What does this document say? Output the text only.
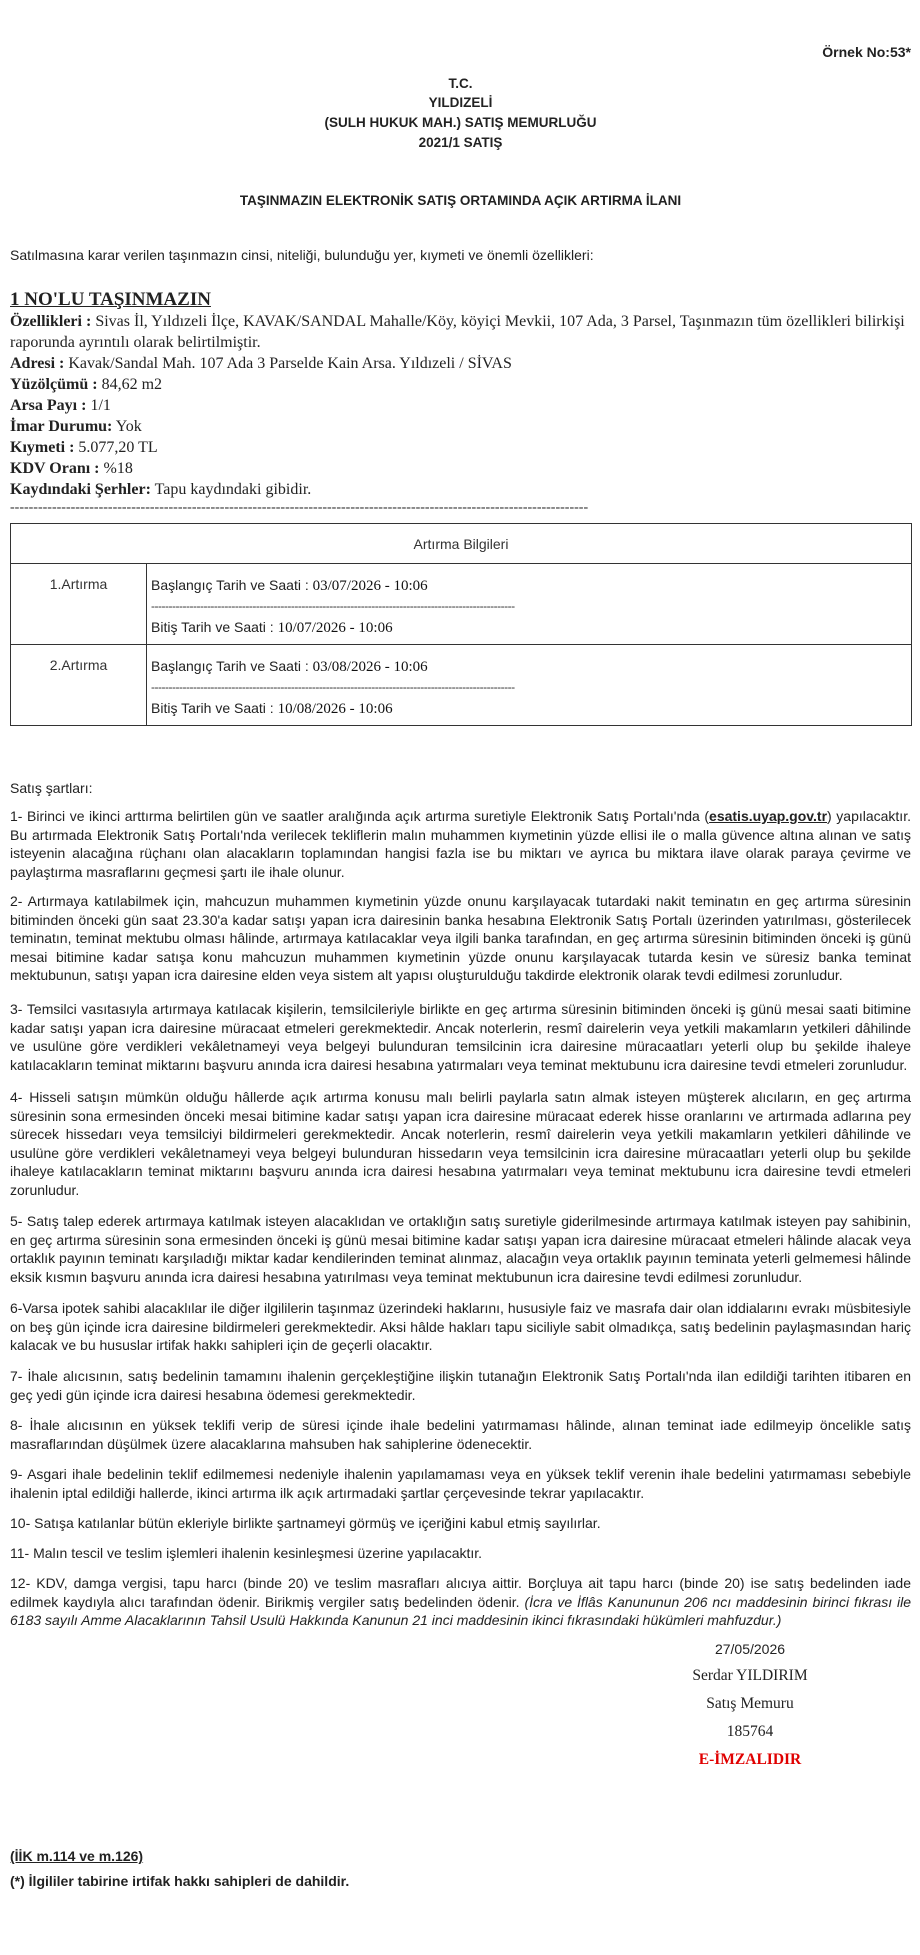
Örnek No:53*
T.C.
YILDIZELİ
(SULH HUKUK MAH.) SATIŞ MEMURLUĞU
2021/1 SATIŞ
TAŞINMAZIN ELEKTRONİK SATIŞ ORTAMINDA AÇIK ARTIRMA İLANI
Satılmasına karar verilen taşınmazın cinsi, niteliği, bulunduğu yer, kıymeti ve önemli özellikleri:
1 NO'LU TAŞINMAZIN
Özellikleri : Sivas İl, Yıldızeli İlçe, KAVAK/SANDAL Mahalle/Köy, köyiçi Mevkii, 107 Ada, 3 Parsel, Taşınmazın tüm özellikleri bilirkişi raporunda ayrıntılı olarak belirtilmiştir.
Adresi : Kavak/Sandal Mah. 107 Ada 3 Parselde Kain Arsa. Yıldızeli / SİVAS
Yüzölçümü : 84,62 m2
Arsa Payı : 1/1
İmar Durumu: Yok
Kıymeti : 5.077,20 TL
KDV Oranı : %18
Kaydındaki Şerhler: Tapu kaydındaki gibidir.
----------------------------------------------------------------------------------------------------------------------------
Artırma Bilgileri	
1.Artırma	Başlangıç Tarih ve Saati : 03/07/2026 - 10:06
--------------------------------------------------------------------------------------------------------
Bitiş Tarih ve Saati : 10/07/2026 - 10:06

2.Artırma	Başlangıç Tarih ve Saati : 03/08/2026 - 10:06
--------------------------------------------------------------------------------------------------------
Bitiş Tarih ve Saati : 10/08/2026 - 10:06
Satış şartları:
1- Birinci ve ikinci arttırma belirtilen gün ve saatler aralığında açık artırma suretiyle Elektronik Satış Portalı'nda (esatis.uyap.gov.tr) yapılacaktır. Bu artırmada Elektronik Satış Portalı'nda verilecek tekliflerin malın muhammen kıymetinin yüzde ellisi ile o malla güvence altına alınan ve satış isteyenin alacağına rüçhanı olan alacakların toplamından hangisi fazla ise bu miktarı ve ayrıca bu miktara ilave olarak paraya çevirme ve paylaştırma masraflarını geçmesi şartı ile ihale olunur.
2- Artırmaya katılabilmek için, mahcuzun muhammen kıymetinin yüzde onunu karşılayacak tutardaki nakit teminatın en geç artırma süresinin bitiminden önceki gün saat 23.30'a kadar satışı yapan icra dairesinin banka hesabına Elektronik Satış Portalı üzerinden yatırılması, gösterilecek teminatın, teminat mektubu olması hâlinde, artırmaya katılacaklar veya ilgili banka tarafından, en geç artırma süresinin bitiminden önceki iş günü mesai bitimine kadar satışa konu mahcuzun muhammen kıymetinin yüzde onunu karşılayacak tutarda kesin ve süresiz banka teminat mektubunun, satışı yapan icra dairesine elden veya sistem alt yapısı oluşturulduğu takdirde elektronik olarak tevdi edilmesi zorunludur.
3- Temsilci vasıtasıyla artırmaya katılacak kişilerin, temsilcileriyle birlikte en geç artırma süresinin bitiminden önceki iş günü mesai saati bitimine kadar satışı yapan icra dairesine müracaat etmeleri gerekmektedir. Ancak noterlerin, resmî dairelerin veya yetkili makamların yetkileri dâhilinde ve usulüne göre verdikleri vekâletnameyi veya belgeyi bulunduran temsilcinin icra dairesine müracaatları yeterli olup bu şekilde ihaleye katılacakların teminat miktarını başvuru anında icra dairesi hesabına yatırmaları veya teminat mektubunu icra dairesine tevdi etmeleri zorunludur.
4- Hisseli satışın mümkün olduğu hâllerde açık artırma konusu malı belirli paylarla satın almak isteyen müşterek alıcıların, en geç artırma süresinin sona ermesinden önceki mesai bitimine kadar satışı yapan icra dairesine müracaat ederek hisse oranlarını ve artırmada adlarına pey sürecek hissedarı veya temsilciyi bildirmeleri gerekmektedir. Ancak noterlerin, resmî dairelerin veya yetkili makamların yetkileri dâhilinde ve usulüne göre verdikleri vekâletnameyi veya belgeyi bulunduran hissedarın veya temsilcinin icra dairesine müracaatları yeterli olup bu şekilde ihaleye katılacakların teminat miktarını başvuru anında icra dairesi hesabına yatırmaları veya teminat mektubunu icra dairesine tevdi etmeleri zorunludur.
5- Satış talep ederek artırmaya katılmak isteyen alacaklıdan ve ortaklığın satış suretiyle giderilmesinde artırmaya katılmak isteyen pay sahibinin, en geç artırma süresinin sona ermesinden önceki iş günü mesai bitimine kadar satışı yapan icra dairesine müracaat etmeleri hâlinde alacak veya ortaklık payının teminatı karşıladığı miktar kadar kendilerinden teminat alınmaz, alacağın veya ortaklık payının teminata yeterli gelmemesi hâlinde eksik kısmın başvuru anında icra dairesi hesabına yatırılması veya teminat mektubunun icra dairesine tevdi edilmesi zorunludur.
6-Varsa ipotek sahibi alacaklılar ile diğer ilgililerin taşınmaz üzerindeki haklarını, hususiyle faiz ve masrafa dair olan iddialarını evrakı müsbitesiyle on beş gün içinde icra dairesine bildirmeleri gerekmektedir. Aksi hâlde hakları tapu siciliyle sabit olmadıkça, satış bedelinin paylaşmasından hariç kalacak ve bu hususlar irtifak hakkı sahipleri için de geçerli olacaktır.
7- İhale alıcısının, satış bedelinin tamamını ihalenin gerçekleştiğine ilişkin tutanağın Elektronik Satış Portalı'nda ilan edildiği tarihten itibaren en geç yedi gün içinde icra dairesi hesabına ödemesi gerekmektedir.
8- İhale alıcısının en yüksek teklifi verip de süresi içinde ihale bedelini yatırmaması hâlinde, alınan teminat iade edilmeyip öncelikle satış masraflarından düşülmek üzere alacaklarına mahsuben hak sahiplerine ödenecektir.
9- Asgari ihale bedelinin teklif edilmemesi nedeniyle ihalenin yapılamaması veya en yüksek teklif verenin ihale bedelini yatırmaması sebebiyle ihalenin iptal edildiği hallerde, ikinci artırma ilk açık artırmadaki şartlar çerçevesinde tekrar yapılacaktır.
10- Satışa katılanlar bütün ekleriyle birlikte şartnameyi görmüş ve içeriğini kabul etmiş sayılırlar.
11- Malın tescil ve teslim işlemleri ihalenin kesinleşmesi üzerine yapılacaktır.
12- KDV, damga vergisi, tapu harcı (binde 20) ve teslim masrafları alıcıya aittir. Borçluya ait tapu harcı (binde 20) ise satış bedelinden iade edilmek kaydıyla alıcı tarafından ödenir. Birikmiş vergiler satış bedelinden ödenir. (İcra ve İflâs Kanununun 206 ncı maddesinin birinci fıkrası ile 6183 sayılı Amme Alacaklarının Tahsil Usulü Hakkında Kanunun 21 inci maddesinin ikinci fıkrasındaki hükümleri mahfuzdur.)
27/05/2026
Serdar YILDIRIM
Satış Memuru
185764
E-İMZALIDIR
(İİK m.114 ve m.126)
(*) İlgililer tabirine irtifak hakkı sahipleri de dahildir.
